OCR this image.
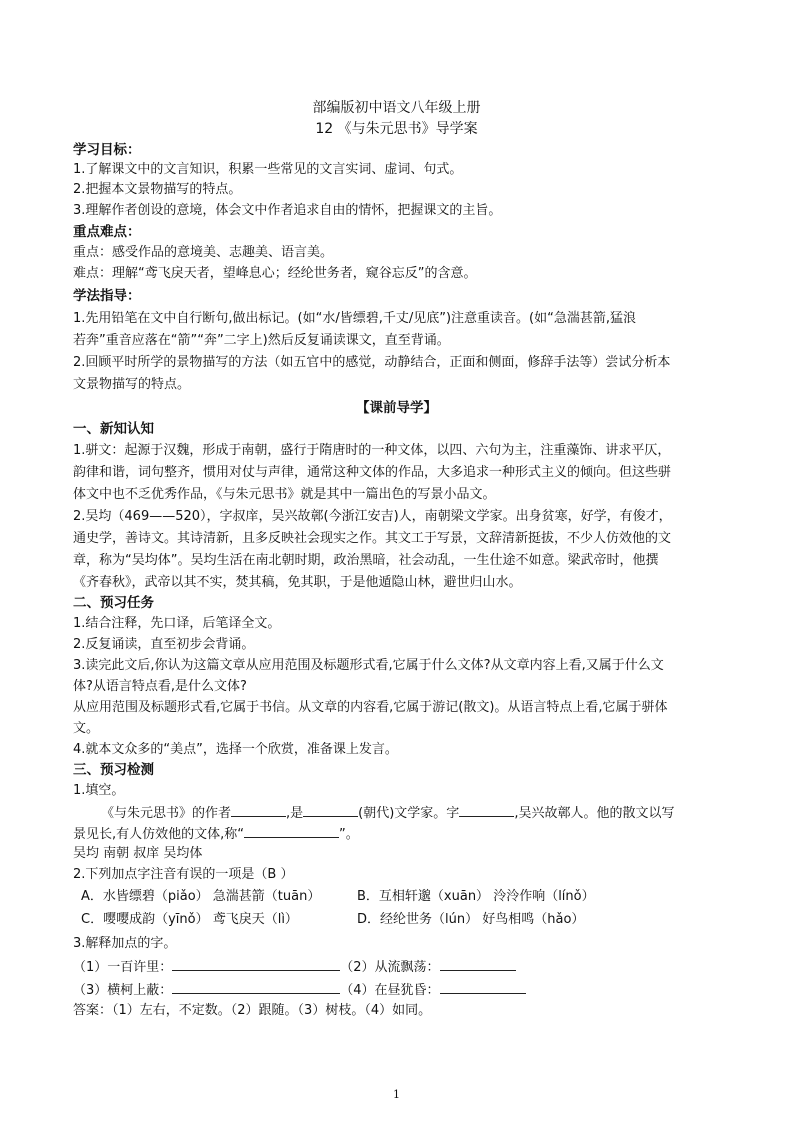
部编版初中语文八年级上册
12 《与朱元思书》导学案
学习目标：
1.了解课文中的文言知识，积累一些常见的文言实词、虚词、句式。
2.把握本文景物描写的特点。
3.理解作者创设的意境，体会文中作者追求自由的情怀，把握课文的主旨。
重点难点：
重点：感受作品的意境美、志趣美、语言美。
难点：理解“鸢飞戾天者，望峰息心；经纶世务者，窥谷忘反”的含意。
学法指导：
1.先用铅笔在文中自行断句,做出标记。(如“水/皆缥碧,千丈/见底”)注意重读音。(如“急湍甚箭,猛浪
若奔”重音应落在“箭”“奔”二字上)然后反复诵读课文，直至背诵。
2.回顾平时所学的景物描写的方法（如五官中的感觉，动静结合，正面和侧面，修辞手法等）尝试分析本
文景物描写的特点。
【课前导学】
一、新知认知
1.骈文：起源于汉魏，形成于南朝，盛行于隋唐时的一种文体，以四、六句为主，注重藻饰、讲求平仄，
韵律和谐，词句整齐，惯用对仗与声律，通常这种文体的作品，大多追求一种形式主义的倾向。但这些骈
体文中也不乏优秀作品，《与朱元思书》就是其中一篇出色的写景小品文。
2.吴均（469——520），字叔庠，吴兴故鄣(今浙江安吉)人，南朝梁文学家。出身贫寒，好学，有俊才，
通史学，善诗文。其诗清新，且多反映社会现实之作。其文工于写景，文辞清新挺拔，不少人仿效他的文
章，称为“吴均体”。吴均生活在南北朝时期，政治黑暗，社会动乱，一生仕途不如意。梁武帝时，他撰
《齐春秋》，武帝以其不实，焚其稿，免其职，于是他遁隐山林，避世归山水。
二、预习任务
1.结合注释，先口译，后笔译全文。
2.反复诵读，直至初步会背诵。
3.读完此文后,你认为这篇文章从应用范围及标题形式看,它属于什么文体?从文章内容上看,又属于什么文
体?从语言特点看,是什么文体?
从应用范围及标题形式看,它属于书信。从文章的内容看,它属于游记(散文)。从语言特点上看,它属于骈体
文。
4.就本文众多的“美点”，选择一个欣赏，准备课上发言。
三、预习检测
1.填空。
《与朱元思书》的作者	,是	(朝代)文学家。字	,吴兴故鄣人。他的散文以写
景见长,有人仿效他的文体,称“	”。
吴均 南朝 叔庠 吴均体
2.下列加点字注音有误的一项是（B ）
A．水皆缥碧（piǎo） 急湍甚箭（tuān）	B．互相轩邈（xuān） 泠泠作响（línǒ）
C．嘤嘤成韵（yīnǒ） 鸢飞戾天（lì）	D．经纶世务（lún） 好鸟相鸣（hǎo）
3.解释加点的字。
（1）一百许里：	（2）从流飘荡：
（3）横柯上蔽：	（4）在昼犹昏：
答案：（1）左右，不定数。（2）跟随。（3）树枝。（4）如同。
1
